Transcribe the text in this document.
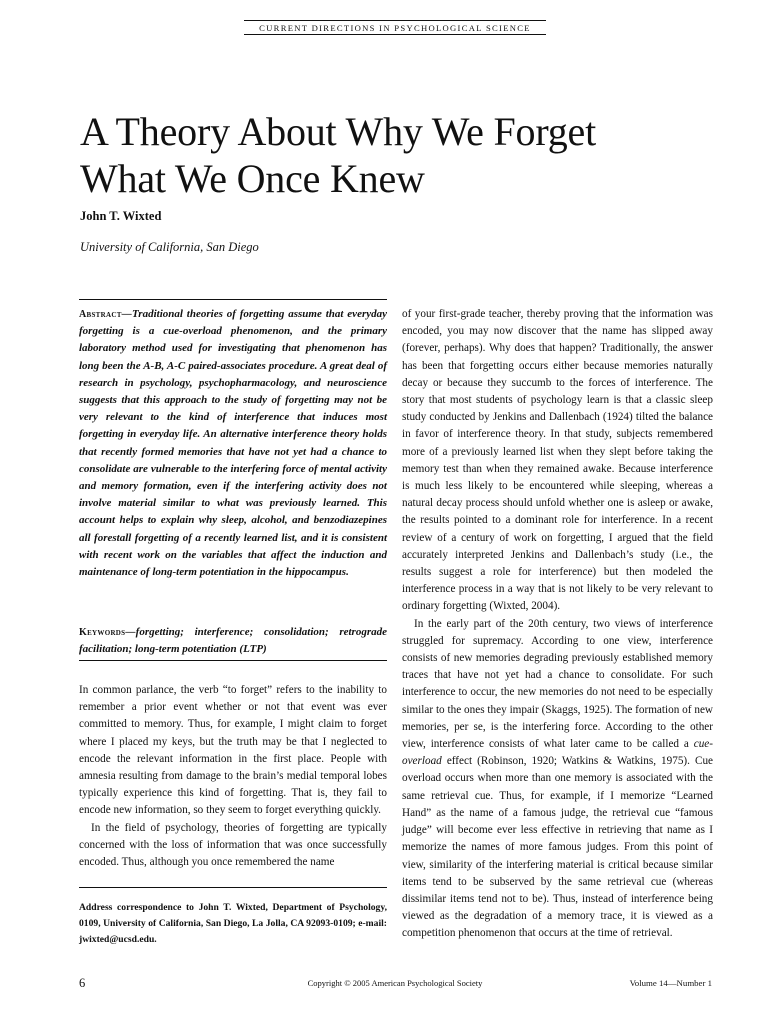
CURRENT DIRECTIONS IN PSYCHOLOGICAL SCIENCE
A Theory About Why We Forget
What We Once Knew
John T. Wixted
University of California, San Diego
Abstract—Traditional theories of forgetting assume that everyday forgetting is a cue-overload phenomenon, and the primary laboratory method used for investigating that phenomenon has long been the A-B, A-C paired-associates procedure. A great deal of research in psychology, psychopharmacology, and neuroscience suggests that this approach to the study of forgetting may not be very relevant to the kind of interference that induces most forgetting in everyday life. An alternative interference theory holds that recently formed memories that have not yet had a chance to consolidate are vulnerable to the interfering force of mental activity and memory formation, even if the interfering activity does not involve material similar to what was previously learned. This account helps to explain why sleep, alcohol, and benzodiazepines all forestall forgetting of a recently learned list, and it is consistent with recent work on the variables that affect the induction and maintenance of long-term potentiation in the hippocampus.
Keywords—forgetting; interference; consolidation; retrograde facilitation; long-term potentiation (LTP)

In common parlance, the verb “to forget” refers to the inability to remember a prior event whether or not that event was ever committed to memory. Thus, for example, I might claim to forget where I placed my keys, but the truth may be that I neglected to encode the relevant information in the first place. People with amnesia resulting from damage to the brain’s medial temporal lobes typically experience this kind of forgetting. That is, they fail to encode new information, so they seem to forget everything quickly.

In the field of psychology, theories of forgetting are typically concerned with the loss of information that was once successfully encoded. Thus, although you once remembered the name

Address correspondence to John T. Wixted, Department of Psychology, 0109, University of California, San Diego, La Jolla, CA 92093-0109; e-mail: jwixted@ucsd.edu.

of your first-grade teacher, thereby proving that the information was encoded, you may now discover that the name has slipped away (forever, perhaps). Why does that happen? Traditionally, the answer has been that forgetting occurs either because memories naturally decay or because they succumb to the forces of interference. The story that most students of psychology learn is that a classic sleep study conducted by Jenkins and Dallenbach (1924) tilted the balance in favor of interference theory. In that study, subjects remembered more of a previously learned list when they slept before taking the memory test than when they remained awake. Because interference is much less likely to be encountered while sleeping, whereas a natural decay process should unfold whether one is asleep or awake, the results pointed to a dominant role for interference. In a recent review of a century of work on forgetting, I argued that the field accurately interpreted Jenkins and Dallenbach’s study (i.e., the results suggest a role for interference) but then modeled the interference process in a way that is not likely to be very relevant to ordinary forgetting (Wixted, 2004).

In the early part of the 20th century, two views of interference struggled for supremacy. According to one view, interference consists of new memories degrading previously established memory traces that have not yet had a chance to consolidate. For such interference to occur, the new memories do not need to be especially similar to the ones they impair (Skaggs, 1925). The formation of new memories, per se, is the interfering force. According to the other view, interference consists of what later came to be called a cue-overload effect (Robinson, 1920; Watkins & Watkins, 1975). Cue overload occurs when more than one memory is associated with the same retrieval cue. Thus, for example, if I memorize “Learned Hand” as the name of a famous judge, the retrieval cue “famous judge” will become ever less effective in retrieving that name as I memorize the names of more famous judges. From this point of view, similarity of the interfering material is critical because similar items tend to be subserved by the same retrieval cue (whereas dissimilar items tend not to be). Thus, instead of interference being viewed as the degradation of a memory trace, it is viewed as a competition phenomenon that occurs at the time of retrieval.

6	Copyright © 2005 American Psychological Society	Volume 14—Number 1
